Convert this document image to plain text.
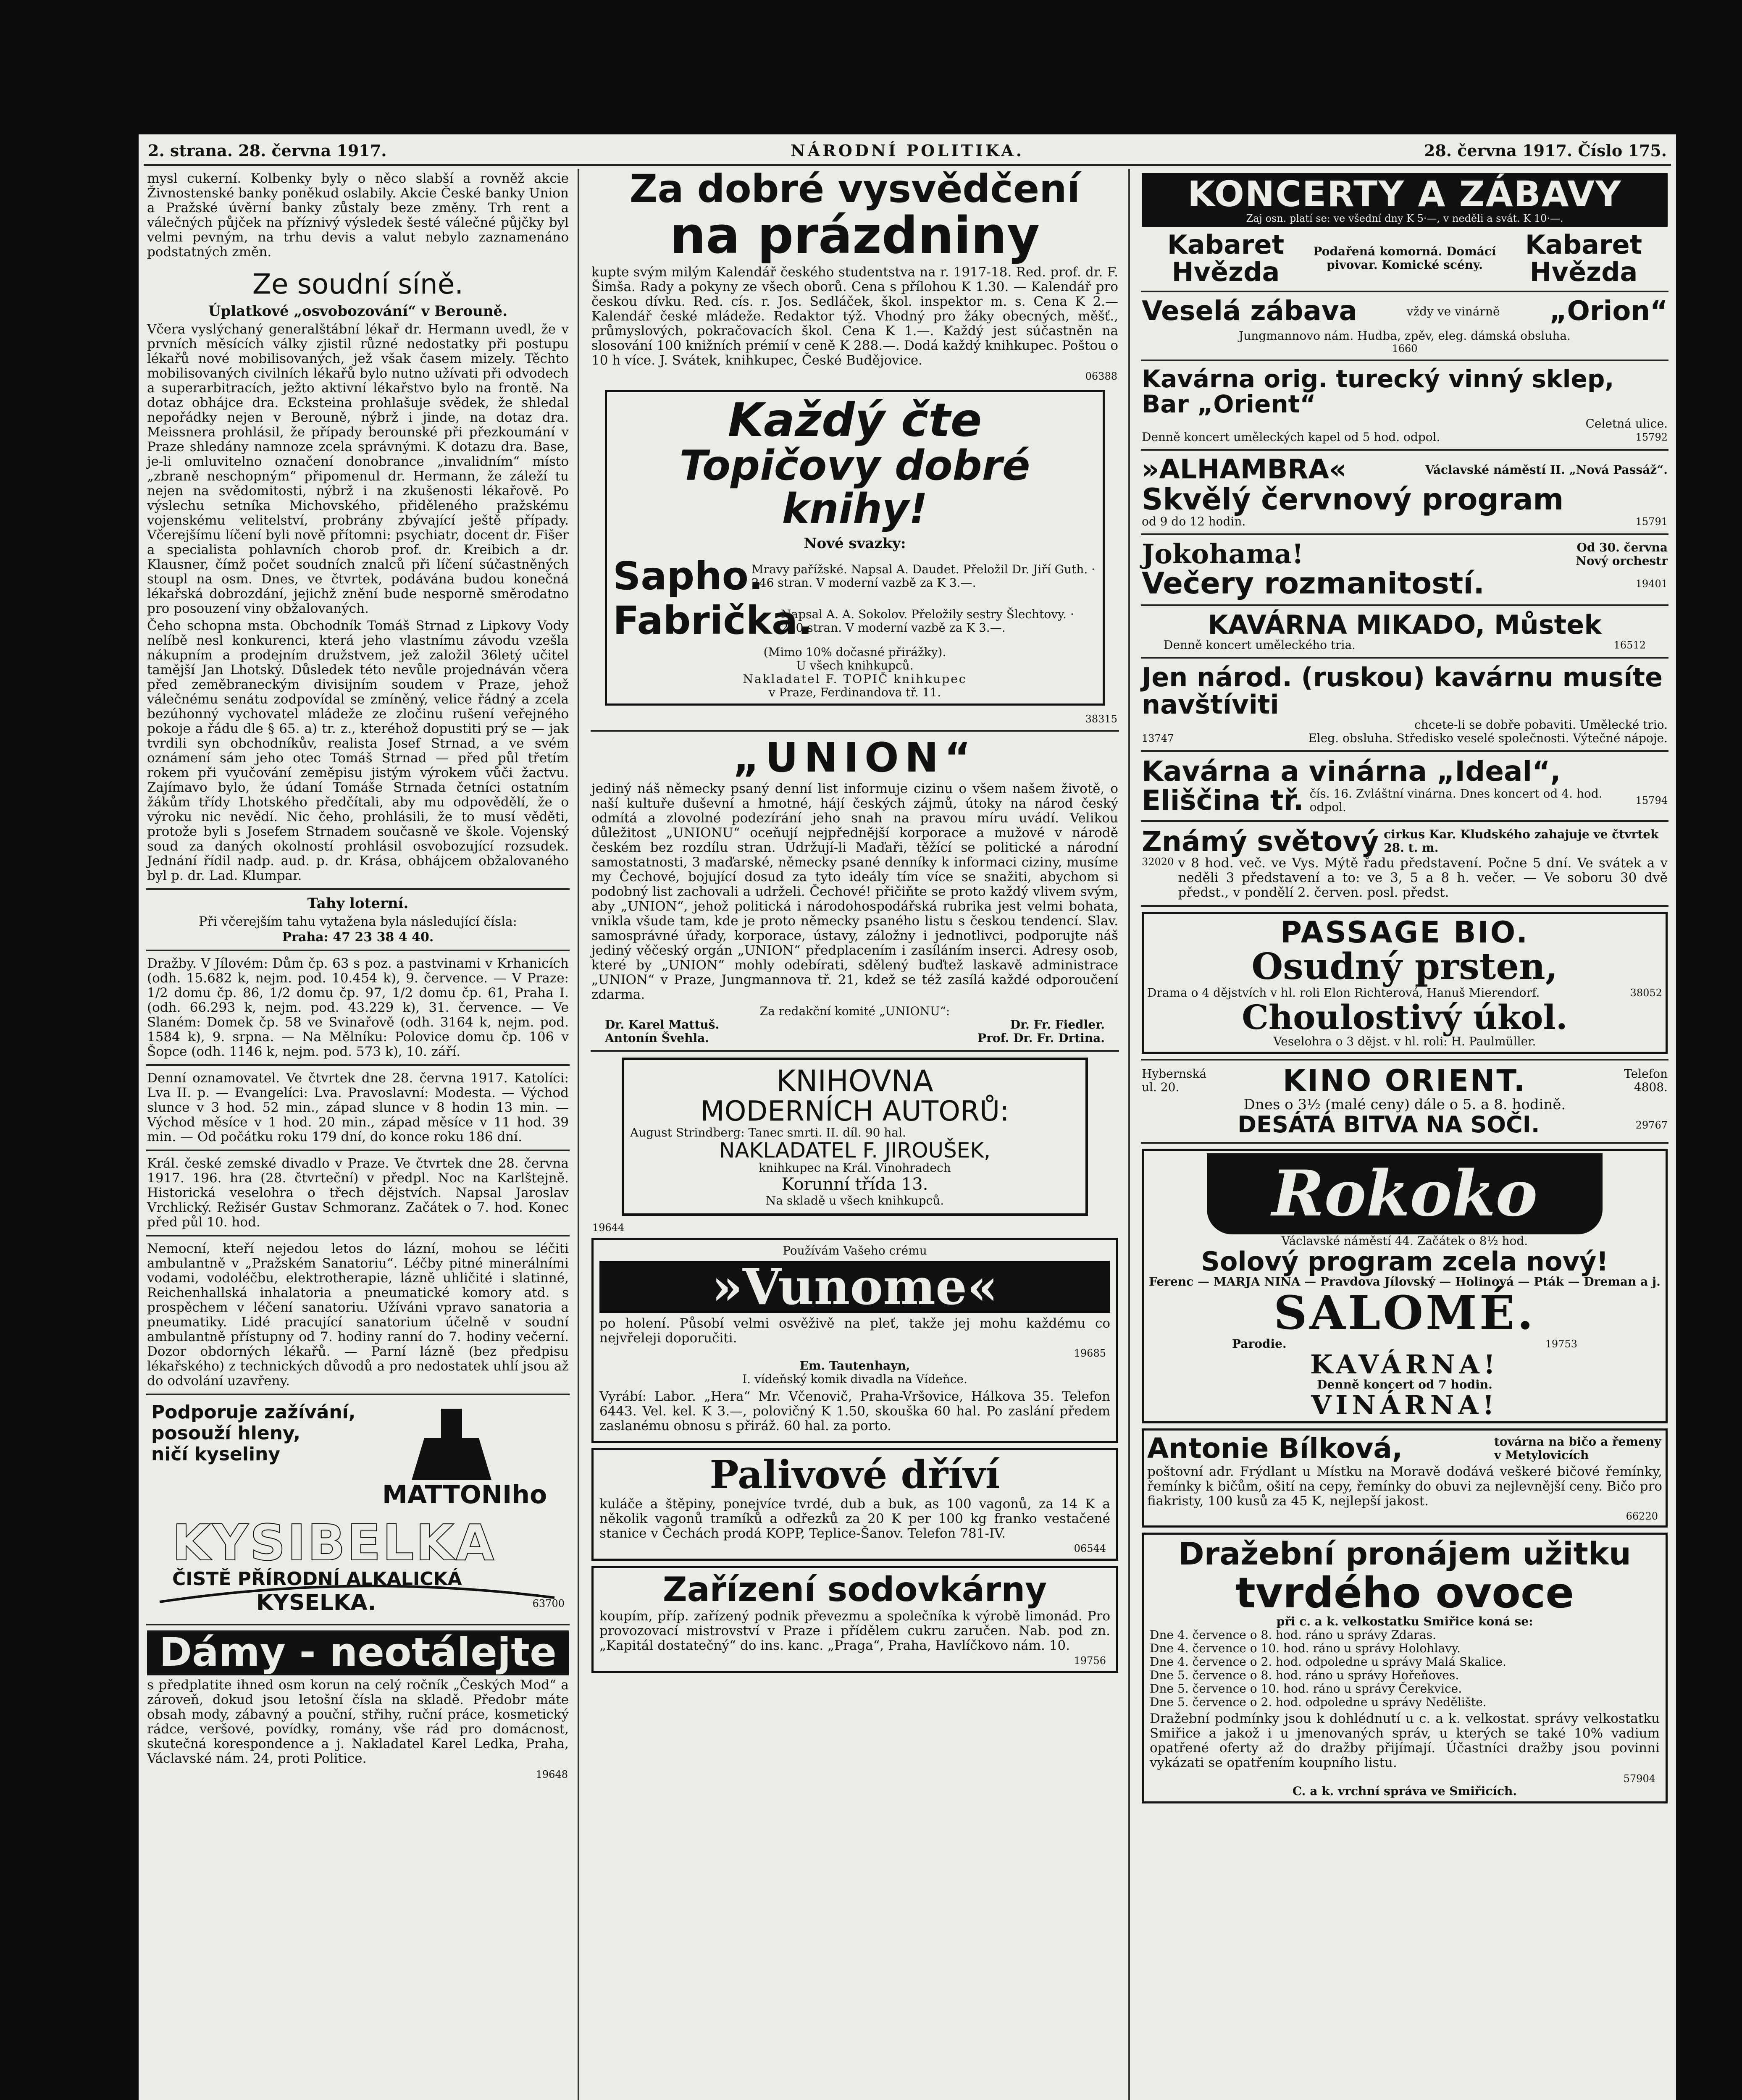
2. strana. 28. června 1917.	NÁRODNÍ POLITIKA.	28. června 1917. Číslo 175.

mysl cukerní. Kolbenky byly o něco slabší a rovněž akcie Živnostenské banky poněkud oslabily. Akcie České banky Union a Pražské úvěrní banky zůstaly beze změny. Trh rent a válečných půjček na příznivý výsledek šesté válečné půjčky byl velmi pevným, na trhu devis a valut nebylo zaznamenáno podstatných změn.

Ze soudní síně.
Úplatkové „osvobozování“ v Berouně.

Včera vyslýchaný generalštábní lékař dr. Hermann uvedl, že v prvních měsících války zjistil různé nedostatky při postupu lékařů nové mobilisovaných, jež však časem mizely. Těchto mobilisovaných civilních lékařů bylo nutno užívati při odvodech a superarbitracích, ježto aktivní lékařstvo bylo na frontě. Na dotaz obhájce dra. Ecksteina prohlašuje svědek, že shledal nepořádky nejen v Berouně, nýbrž i jinde, na dotaz dra. Meissnera prohlásil, že případy berounské při přezkoumání v Praze shledány namnoze zcela správnými. K dotazu dra. Base, je-li omluvitelno označení donobrance „invalidním“ místo „zbraně neschopným“ připomenul dr. Hermann, že záleží tu nejen na svědomitosti, nýbrž i na zkušenosti lékařově. Po výslechu setníka Michovského, přiděleného pražskému vojenskému velitelství, probrány zbývající ještě případy. Včerejšímu líčení byli nově přítomni: psychiatr, docent dr. Fišer a specialista pohlavních chorob prof. dr. Kreibich a dr. Klausner, čímž počet soudních znalců při líčení súčastněných stoupl na osm. Dnes, ve čtvrtek, podávána budou konečná lékařská dobrozdání, jejichž znění bude nesporně směrodatno pro posouzení viny obžalovaných.

Čeho schopna msta. Obchodník Tomáš Strnad z Lipkovy Vody nelíbě nesl konkurenci, která jeho vlastnímu závodu vzešla nákupním a prodejním družstvem, jež založil 36letý učitel tamější Jan Lhotský. Důsledek této nevůle projednáván včera před zeměbraneckým divisijním soudem v Praze, jehož válečnému senátu zodpovídal se zmíněný, velice řádný a zcela bezúhonný vychovatel mládeže ze zločinu rušení veřejného pokoje a řádu dle § 65. a) tr. z., kteréhož dopustiti prý se — jak tvrdili syn obchodníkův, realista Josef Strnad, a ve svém oznámení sám jeho otec Tomáš Strnad — před půl třetím rokem při vyučování zeměpisu jistým výrokem vůči žactvu. Zajímavo bylo, že údaní Tomáše Strnada četníci ostatním žákům třídy Lhotského předčítali, aby mu odpovědělí, že o výroku nic nevědí. Nic čeho, prohlásili, že to musí věděti, protože byli s Josefem Strnadem současně ve škole. Vojenský soud za daných okolností prohlásil osvobozující rozsudek. Jednání řídil nadp. aud. p. dr. Krása, obhájcem obžalovaného byl p. dr. Lad. Klumpar.

Tahy loterní.
Při včerejším tahu vytažena byla následující čísla:
Praha: 47 23 38 4 40.

Dražby. V Jílovém: Dům čp. 63 s poz. a pastvinami v Krhanicích (odh. 15.682 k, nejm. pod. 10.454 k), 9. července. — V Praze: 1/2 domu čp. 86, 1/2 domu čp. 97, 1/2 domu čp. 61, Praha I. (odh. 66.293 k, nejm. pod. 43.229 k), 31. července. — Ve Slaném: Domek čp. 58 ve Svinařově (odh. 3164 k, nejm. pod. 1584 k), 9. srpna. — Na Mělníku: Polovice domu čp. 106 v Šopce (odh. 1146 k, nejm. pod. 573 k), 10. září.

Denní oznamovatel. Ve čtvrtek dne 28. června 1917. Katolíci: Lva II. p. — Evangelíci: Lva. Pravoslavní: Modesta. — Východ slunce v 3 hod. 52 min., západ slunce v 8 hodin 13 min. — Východ měsíce v 1 hod. 20 min., západ měsíce v 11 hod. 39 min. — Od počátku roku 179 dní, do konce roku 186 dní.

Král. české zemské divadlo v Praze. Ve čtvrtek dne 28. června 1917. 196. hra (28. čtvrteční) v předpl. Noc na Karlštejně. Historická veselohra o třech dějstvích. Napsal Jaroslav Vrchlický. Režisér Gustav Schmoranz. Začátek o 7. hod. Konec před půl 10. hod.

Nemocní, kteří nejedou letos do lázní, mohou se léčiti ambulantně v „Pražském Sanatoriu“. Léčby pitné minerálními vodami, vodoléčbu, elektrotherapie, lázně uhličité i slatinné, Reichenhallská inhalatoria a pneumatické komory atd. s prospěchem v léčení sanatoriu. Užíváni vpravo sanatoria a pneumatiky. Lidé pracující sanatorium účelně v soudní ambulantně přístupny od 7. hodiny ranní do 7. hodiny večerní. Dozor obdorných lékařů. — Parní lázně (bez předpisu lékařského) z technických důvodů a pro nedostatek uhlí jsou až do odvolání uzavřeny.

Podporuje zažívání,
posouží hleny,
ničí kyseliny
MATTONIho
KYSIBELKA
ČISTĚ PŘÍRODNÍ ALKALICKÁ
KYSELKA.	63700
Dámy - neotálejte

s předplatite ihned osm korun na celý ročník „Českých Mod“ a zároveň, dokud jsou letošní čísla na skladě. Předobr máte obsah mody, zábavný a pouční, střihy, ruční práce, kosmetický rádce, veršové, povídky, romány, vše rád pro domácnost, skutečná korespondence a j. Nakladatel Karel Ledka, Praha, Václavské nám. 24, proti Politice.

19648
Za dobré vysvědčení
na prázdniny

kupte svým milým Kalendář českého studentstva na r. 1917-18. Red. prof. dr. F. Šimša. Rady a pokyny ze všech oborů. Cena s přílohou K 1.30. — Kalendář pro českou dívku. Red. cís. r. Jos. Sedláček, škol. inspektor m. s. Cena K 2.— Kalendář české mládeže. Redaktor týž. Vhodný pro žáky obecných, měšť., průmyslových, pokračovacích škol. Cena K 1.—. Každý jest súčastněn na slosování 100 knižních prémií v ceně K 288.—. Dodá každý knihkupec. Poštou o 10 h více. J. Svátek, knihkupec, České Budějovice.

06388
Každý čte
Topičovy dobré knihy!
Nové svazky:
Sapho.
Mravy pařížské. Napsal A. Daudet. Přeložil Dr. Jiří Guth. · 246 stran. V moderní vazbě za K 3.—.
Fabrička.
Napsal A. A. Sokolov. Přeložily sestry Šlechtovy. · 220 stran. V moderní vazbě za K 3.—.
(Mimo 10% dočasné přirážky).
U všech knihkupců.
Nakladatel F. TOPIČ knihkupec
v Praze, Ferdinandova tř. 11.
38315
„UNION“

jediný náš německy psaný denní list informuje cizinu o všem našem životě, o naší kultuře duševní a hmotné, hájí českých zájmů, útoky na národ český odmítá a zlovolné podezírání jeho snah na pravou míru uvádí. Velikou důležitost „UNIONU“ oceňují nejpřednější korporace a mužové v národě českém bez rozdílu stran. Udržují-li Maďaři, těžící se politické a národní samostatnosti, 3 maďarské, německy psané denníky k informaci ciziny, musíme my Čechové, bojující dosud za tyto ideály tím více se snažiti, abychom si podobný list zachovali a udrželi. Čechové! přičiňte se proto každý vlivem svým, aby „UNION“, jehož politická i národohospodářská rubrika jest velmi bohata, vnikla všude tam, kde je proto německy psaného listu s českou tendencí. Slav. samosprávné úřady, korporace, ústavy, záložny i jednotlivci, podporujte náš jediný věčeský orgán „UNION“ předplacením i zasíláním inserci. Adresy osob, které by „UNION“ mohly odebírati, sdělený buďtež laskavě administrace „UNION“ v Praze, Jungmannova tř. 21, kdež se též zasílá každé odporoučení zdarma.

Za redakční komité „UNIONU“:
Dr. Karel Mattuš.	Dr. Fr. Fiedler.
Antonín Švehla.	Prof. Dr. Fr. Drtina.
KNIHOVNA
MODERNÍCH AUTORŮ:
August Strindberg: Tanec smrti. II. díl. 90 hal.
NAKLADATEL F. JIROUŠEK,
knihkupec na Král. Vinohradech
Korunní třída 13.
Na skladě u všech knihkupců.
19644
Používám Vašeho crému
»Vunome«

po holení. Působí velmi osvěživě na pleť, takže jej mohu každému co nejvřeleji doporučiti.

19685
Em. Tautenhayn,
I. vídeňský komik divadla na Vídeňce.

Vyrábí: Labor. „Hera“ Mr. Včenovič, Praha-Vršovice, Hálkova 35. Telefon 6443. Vel. kel. K 3.—, polovičný K 1.50, skouška 60 hal. Po zaslání předem zaslanému obnosu s přiráž. 60 hal. za porto.

Palivové dříví

kuláče a štěpiny, ponejvíce tvrdé, dub a buk, as 100 vagonů, za 14 K a několik vagonů tramíků a odřezků za 20 K per 100 kg franko vestačené stanice v Čechách prodá KOPP, Teplice-Šanov. Telefon 781-IV.

06544
Zařízení sodovkárny

koupím, příp. zařízený podnik převezmu a společníka k výrobě limonád. Pro provozovací mistrovství v Praze i přídělem cukru zaručen. Nab. pod zn. „Kapitál dostatečný“ do ins. kanc. „Praga“, Praha, Havlíčkovo nám. 10.

19756
KONCERTY A ZÁBAVY
Zaj osn. platí se: ve všední dny K 5·—, v neděli a svát. K 10·—.
Kabaret Hvězda
Podařená komorná. Domácí pivovar. Komické scény.
Kabaret Hvězda
Veselá zábava	vždy ve vinárně „Orion“
Jungmannovo nám. Hudba, zpěv, eleg. dámská obsluha.
1660
Kavárna orig. turecký vinný sklep, Bar „Orient“
Celetná ulice.
Denně koncert uměleckých kapel od 5 hod. odpol.	15792
»ALHAMBRA«	Václavské náměstí II. „Nová Passáž“.
Skvělý červnový program
od 9 do 12 hodin.	15791
Jokohama!	Od 30. června Nový orchestr
Večery rozmanitostí.	19401
KAVÁRNA MIKADO, Můstek
Denně koncert uměleckého tria.	16512
Jen národ. (ruskou) kavárnu musíte navštíviti
chcete-li se dobře pobaviti. Umělecké trio.
13747	Eleg. obsluha. Středisko veselé společnosti. Výtečné nápoje.
Kavárna a vinárna „Ideal“,
Eliščina tř. čís. 16. Zvláštní vinárna. Dnes koncert od 4. hod. odpol.	15794
Známý světový cirkus Kar. Kludského zahajuje ve čtvrtek 28. t. m.
32020 v 8 hod. več. ve Vys. Mýtě řadu představení. Počne 5 dní. Ve svátek a v neděli 3 představení a to: ve 3, 5 a 8 h. večer. — Ve soboru 30 dvě předst., v pondělí 2. červen. posl. předst.

PASSAGE BIO.
Osudný prsten,
Drama o 4 dějstvích v hl. roli Elon Richterová, Hanuš Mierendorf.	38052
Choulostivý úkol.
Veselohra o 3 dějst. v hl. roli: H. Paulmüller.
Hybernská ul. 20.	KINO ORIENT.	Telefon 4808.
Dnes o 3½ (malé ceny) dále o 5. a 8. hodině.
DESÁTÁ BITVA NA SOČI.	29767
Rokoko
Václavské náměstí 44. Začátek o 8½ hod.
Solový program zcela nový!
Ferenc — MARJA NINA — Pravdova Jílovský — Holinová — Pták — Dreman a j.
SALOMÉ.
Parodie.	19753
KAVÁRNA!
Denně koncert od 7 hodin.
VINÁRNA!
Antonie Bílková,	továrna na bičo a řemeny v Metylovicích

poštovní adr. Frýdlant u Místku na Moravě dodává veškeré bičové řemínky, řemínky k bičům, ošití na cepy, řemínky do obuvi za nejlevnější ceny. Bičo pro fiakristy, 100 kusů za 45 K, nejlepší jakost.

66220
Dražební pronájem užitku
tvrdého ovoce
při c. a k. velkostatku Smiřice koná se:
Dne 4. července o 8. hod. ráno u správy Zdaras.
Dne 4. července o 10. hod. ráno u správy Holohlavy.
Dne 4. července o 2. hod. odpoledne u správy Malá Skalice.
Dne 5. července o 8. hod. ráno u správy Hořeňoves.
Dne 5. července o 10. hod. ráno u správy Čerekvice.
Dne 5. července o 2. hod. odpoledne u správy Nedělište.

Dražební podmínky jsou k dohlédnutí u c. a k. velkostat. správy velkostatku Smiřice a jakož i u jmenovaných správ, u kterých se také 10% vadium opatřené oferty až do dražby přijímají. Účastníci dražby jsou povinni vykázati se opatřením koupního listu.

57904
C. a k. vrchní správa ve Smiřicích.
